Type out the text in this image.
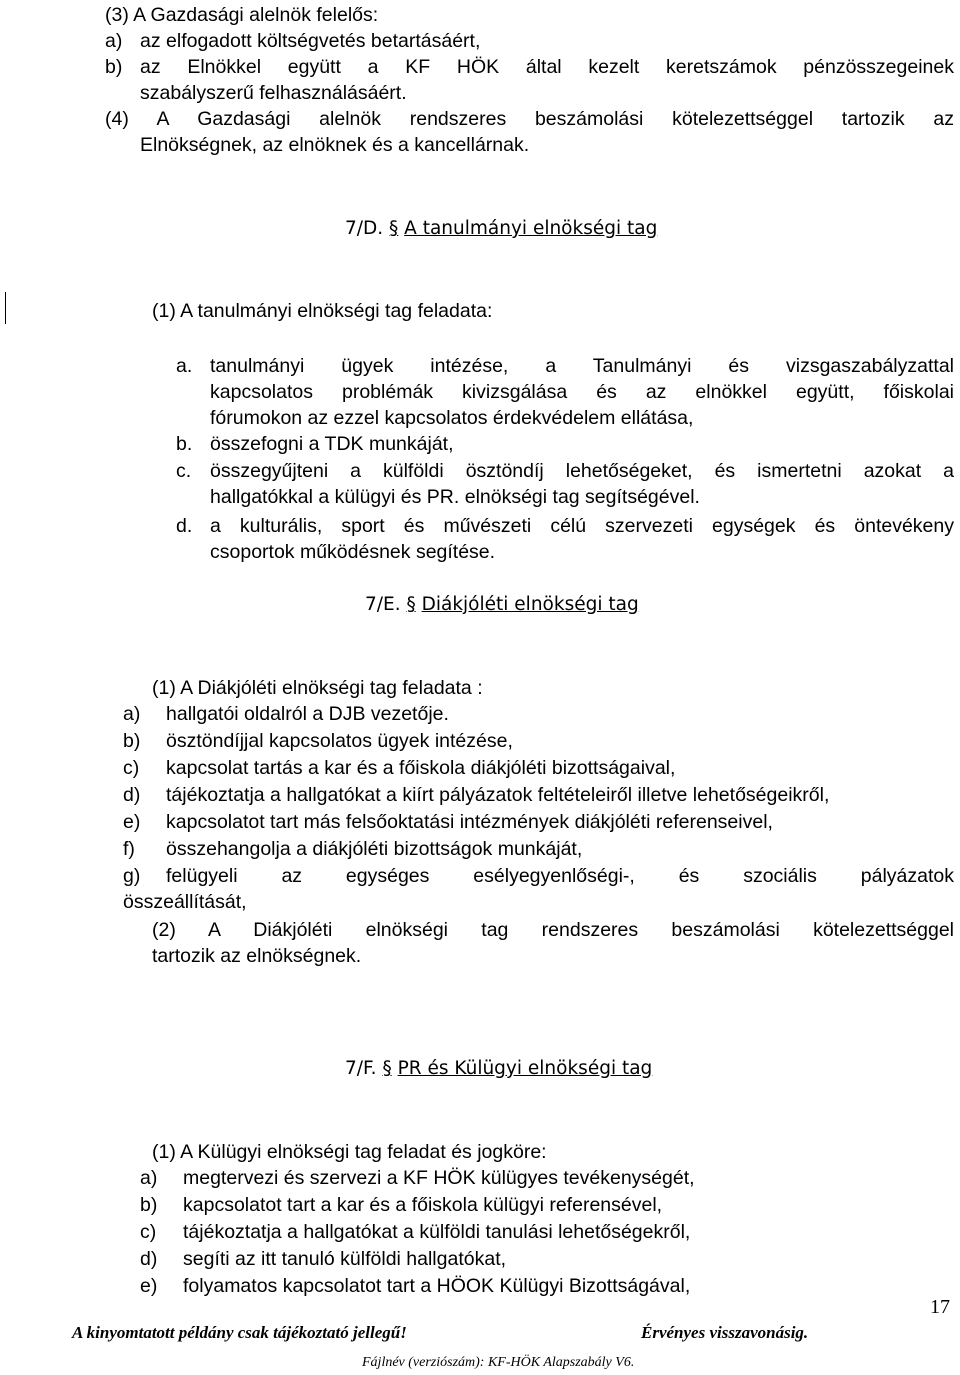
(3) A Gazdasági alelnök felelős:
a) az elfogadott költségvetés betartásáért,
b) az Elnökkel együtt a KF HÖK által kezelt keretszámok pénzösszegeinek
szabályszerű felhasználásáért.
(4) A Gazdasági alelnök rendszeres beszámolási kötelezettséggel tartozik az
Elnökségnek, az elnöknek és a kancellárnak.
7/D. § A tanulmányi elnökségi tag
(1) A tanulmányi elnökségi tag feladata:
a. tanulmányi ügyek intézése, a Tanulmányi és vizsgaszabályzattal
kapcsolatos problémák kivizsgálása és az elnökkel együtt, főiskolai
fórumokon az ezzel kapcsolatos érdekvédelem ellátása,
b. összefogni a TDK munkáját,
c. összegyűjteni a külföldi ösztöndíj lehetőségeket, és ismertetni azokat a
hallgatókkal a külügyi és PR. elnökségi tag segítségével.
d. a kulturális, sport és művészeti célú szervezeti egységek és öntevékeny
csoportok működésnek segítése.
7/E. § Diákjóléti elnökségi tag
(1) A Diákjóléti elnökségi tag feladata :
a) hallgatói oldalról a DJB vezetője.
b) ösztöndíjjal kapcsolatos ügyek intézése,
c) kapcsolat tartás a kar és a főiskola diákjóléti bizottságaival,
d) tájékoztatja a hallgatókat a kiírt pályázatok feltételeiről illetve lehetőségeikről,
e) kapcsolatot tart más felsőoktatási intézmények diákjóléti referenseivel,
f) összehangolja a diákjóléti bizottságok munkáját,
g) felügyeli az egységes esélyegyenlőségi-, és szociális pályázatok
összeállítását,
(2) A Diákjóléti elnökségi tag rendszeres beszámolási kötelezettséggel
tartozik az elnökségnek.
7/F. § PR és Külügyi elnökségi tag
(1) A Külügyi elnökségi tag feladat és jogköre:
a) megtervezi és szervezi a KF HÖK külügyes tevékenységét,
b) kapcsolatot tart a kar és a főiskola külügyi referensével,
c) tájékoztatja a hallgatókat a külföldi tanulási lehetőségekről,
d) segíti az itt tanuló külföldi hallgatókat,
e) folyamatos kapcsolatot tart a HÖOK Külügyi Bizottságával,
17
A kinyomtatott példány csak tájékoztató jellegű!	Érvényes visszavonásig.
Fájlnév (verziószám): KF-HÖK Alapszabály V6.
